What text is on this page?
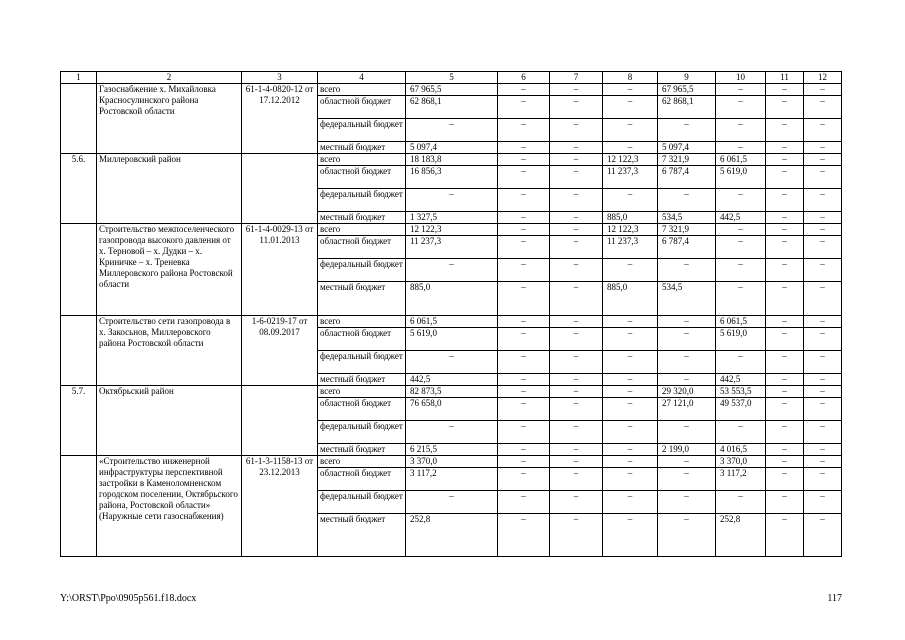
1	2	3	4	5	6	7	8	9	10	11	12
	Газоснабжение х. Михайловка Красносулинского района Ростовской области	61-1-4-0820-12 от 17.12.2012	всего	67 965,5	–	–	–	67 965,5	–	–	–
			областной бюджет	62 868,1	–	–	–	62 868,1	–	–	–
			федеральный бюджет	–	–	–	–	–	–	–	–
			местный бюджет	5 097,4	–	–	–	5 097,4	–	–	–
5.6.	Миллеровский район		всего	18 183,8	–	–	12 122,3	7 321,9	6 061,5	–	–
			областной бюджет	16 856,3	–	–	11 237,3	6 787,4	5 619,0	–	–
			федеральный бюджет	–	–	–	–	–	–	–	–
			местный бюджет	1 327,5	–	–	885,0	534,5	442,5	–	–
	Строительство межпоселенческого газопровода высокого давления от х. Терновой – х. Дудки – х. Криничке – х. Треневка Миллеровского района Ростовской области	61-1-4-0029-13 от 11.01.2013	всего	12 122,3	–	–	12 122,3	7 321,9	–	–	–
			областной бюджет	11 237,3	–	–	11 237,3	6 787,4	–	–	–
			федеральный бюджет	–	–	–	–	–	–	–	–
			местный бюджет	885,0	–	–	885,0	534,5	–	–	–
	Строительство сети газопровода в х. Закосьнов, Миллеровского района Ростовской области	1-6-0219-17 от 08.09.2017	всего	6 061,5	–	–	–	–	6 061,5	–	–
			областной бюджет	5 619,0	–	–	–	–	5 619,0	–	–
			федеральный бюджет	–	–	–	–	–	–	–	–
			местный бюджет	442,5	–	–	–	–	442,5	–	–
5.7.	Октябрьский район		всего	82 873,5	–	–	–	29 320,0	53 553,5	–	–
			областной бюджет	76 658,0	–	–	–	27 121,0	49 537,0	–	–
			федеральный бюджет	–	–	–	–	–	–	–	–
			местный бюджет	6 215,5	–	–	–	2 199,0	4 016,5	–	–
	«Строительство инженерной инфраструктуры перспективной застройки в Каменоломненском городском поселении, Октябрьского района, Ростовской области» (Наружные сети газоснабжения)	61-1-3-1158-13 от 23.12.2013	всего	3 370,0	–	–	–	–	3 370,0	–	–
			областной бюджет	3 117,2	–	–	–	–	3 117,2	–	–
			федеральный бюджет	–	–	–	–	–	–	–	–
			местный бюджет	252,8	–	–	–	–	252,8	–	–
Y:\ORST\Ppo\0905p561.f18.docx	117
